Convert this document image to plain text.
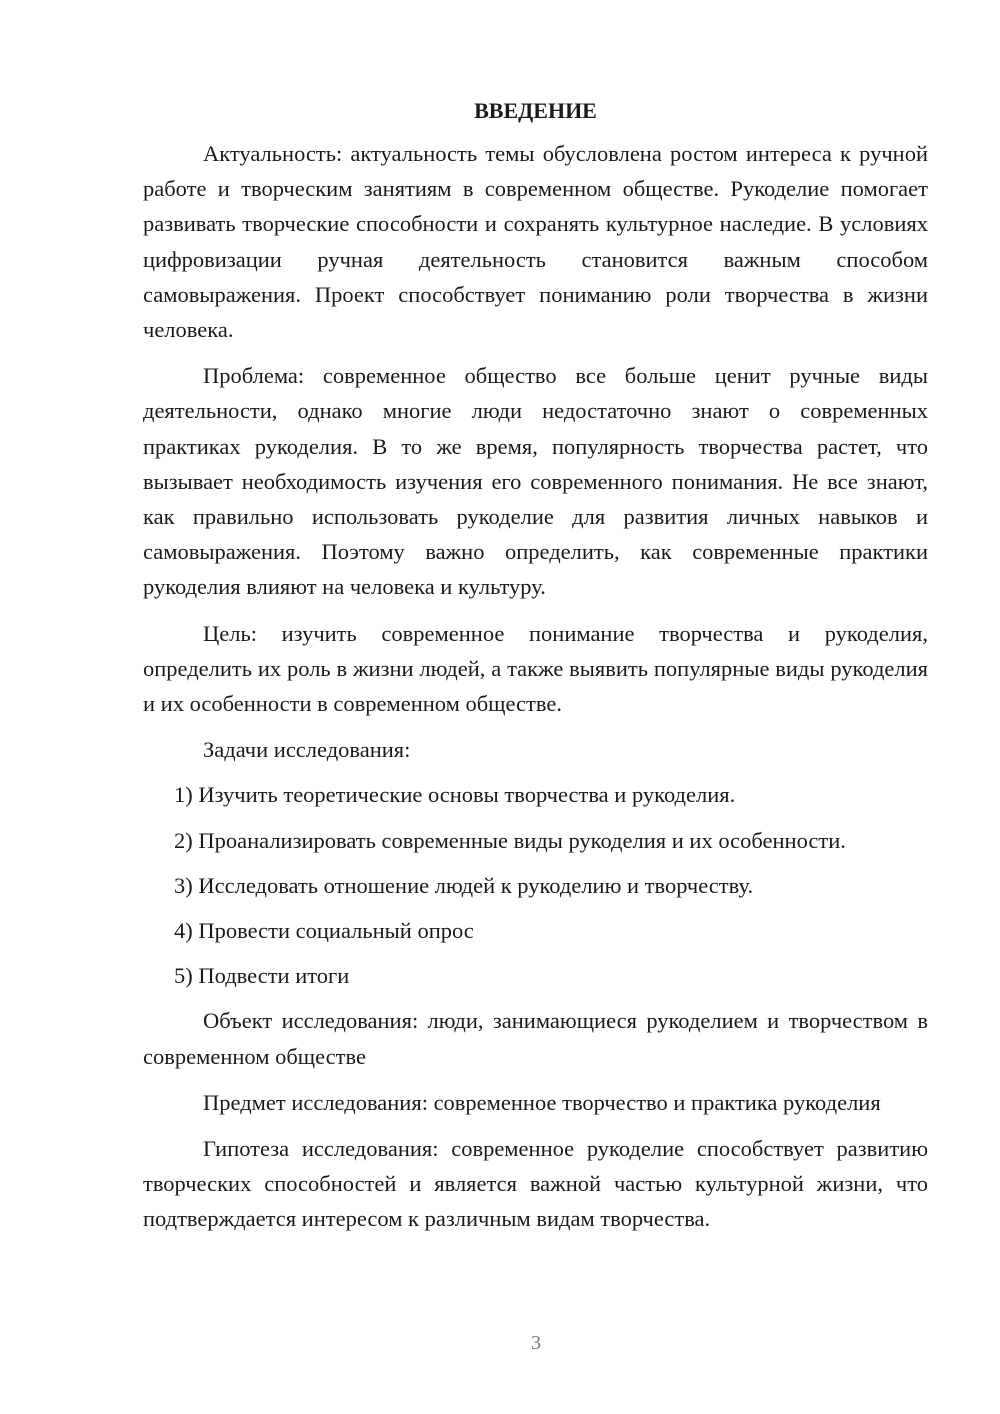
ВВЕДЕНИЕ

Актуальность: актуальность темы обусловлена ростом интереса к ручной работе и творческим занятиям в современном обществе. Рукоделие помогает развивать творческие способности и сохранять культурное наследие. В условиях цифровизации ручная деятельность становится важным способом самовыражения. Проект способствует пониманию роли творчества в жизни человека.

Проблема: современное общество все больше ценит ручные виды деятельности, однако многие люди недостаточно знают о современных практиках рукоделия. В то же время, популярность творчества растет, что вызывает необходимость изучения его современного понимания. Не все знают, как правильно использовать рукоделие для развития личных навыков и самовыражения. Поэтому важно определить, как современные практики рукоделия влияют на человека и культуру.

Цель: изучить современное понимание творчества и рукоделия, определить их роль в жизни людей, а также выявить популярные виды рукоделия и их особенности в современном обществе.

Задачи исследования:
1) Изучить теоретические основы творчества и рукоделия.
2) Проанализировать современные виды рукоделия и их особенности.
3) Исследовать отношение людей к рукоделию и творчеству.
4) Провести социальный опрос
5) Подвести итоги

Объект исследования: люди, занимающиеся рукоделием и творчеством в современном обществе

Предмет исследования: современное творчество и практика рукоделия

Гипотеза исследования: современное рукоделие способствует развитию творческих способностей и является важной частью культурной жизни, что подтверждается интересом к различным видам творчества.

3
